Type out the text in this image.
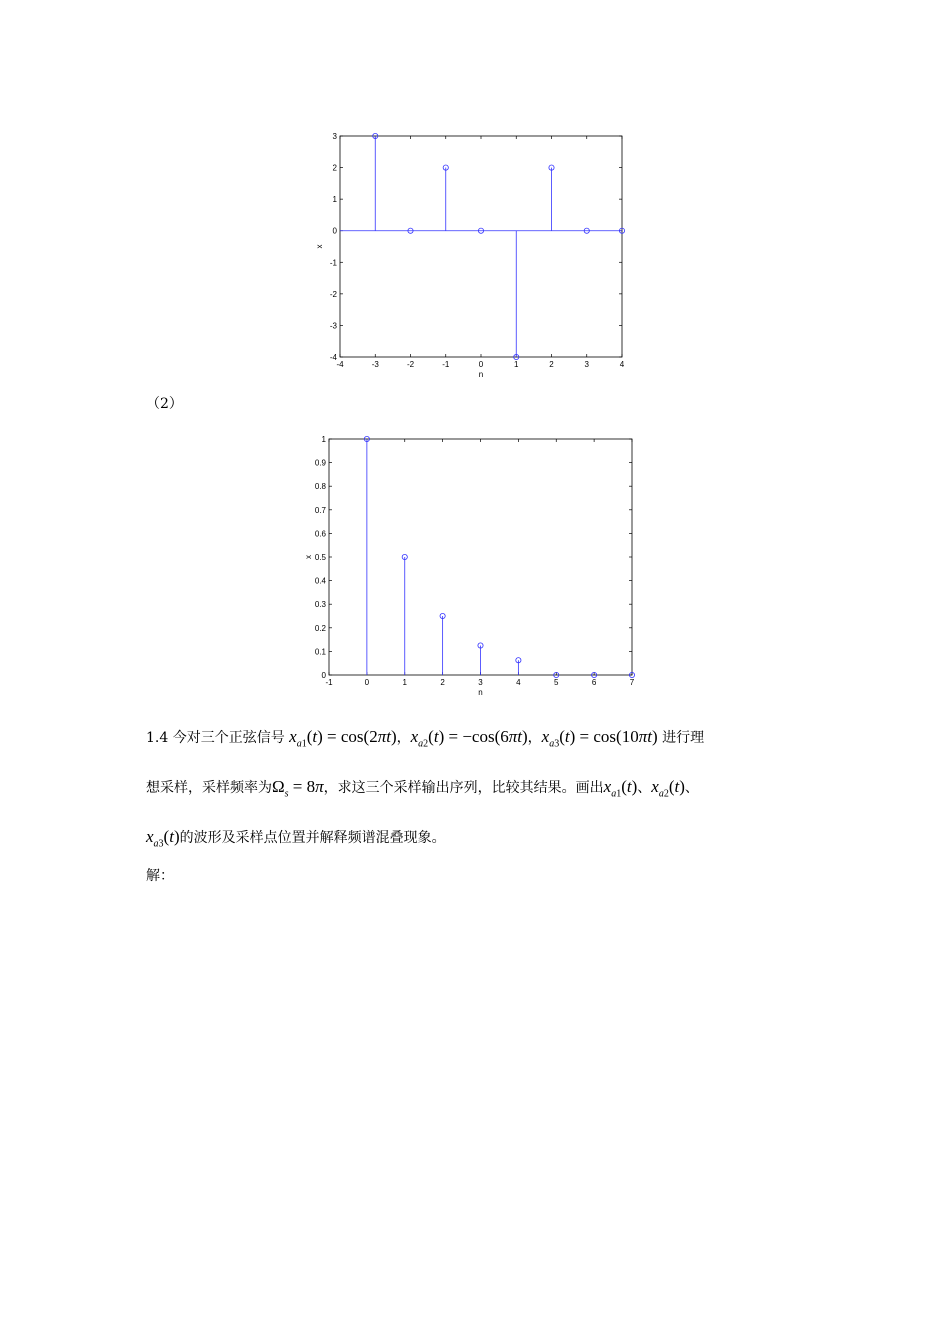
-4	-3	-2	-1	0	1	2	3	4
-4
-3
-2
-1
0
1
2
3
n
x
（2）
-1	0	1	2	3	4	5	6	7
0
0.1
0.2
0.3
0.4
0.5
0.6
0.7
0.8
0.9
1
n
x
1.4 今对三个正弦信号 $x_{a1}(t) = \cos(2\pi t)$，$x_{a2}(t) = -\cos(6\pi t)$，$x_{a3}(t) = \cos(10\pi t)$ 进行理
想采样，采样频率为$\Omega_s = 8\pi$，求这三个采样输出序列，比较其结果。画出$x_{a1}(t)$、$x_{a2}(t)$、
$x_{a3}(t)$的波形及采样点位置并解释频谱混叠现象。
解：
